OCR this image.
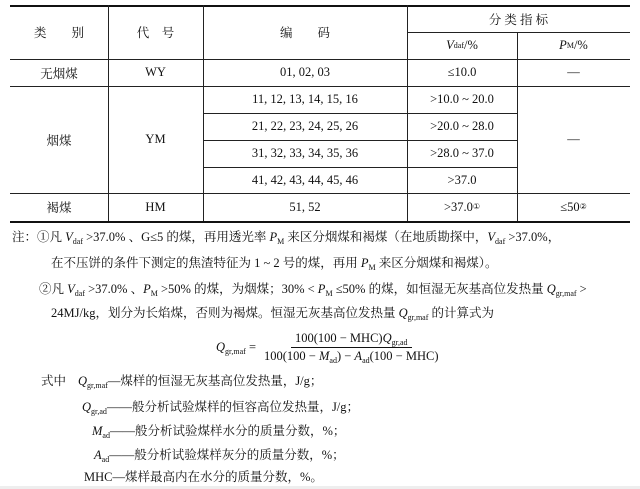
类　　别	代　号	编　　码
分 类 指 标
V daf /%	P M /%
无烟煤	WY	01, 02, 03	≤10.0	—
烟煤	YM
11, 12, 13, 14, 15, 16	>10.0 ~ 20.0
21, 22, 23, 24, 25, 26	>20.0 ~ 28.0
31, 32, 33, 34, 35, 36	>28.0 ~ 37.0
41, 42, 43, 44, 45, 46	>37.0
—
褐煤	HM	51, 52	>37.0 ①	≤50 ②
注：①凡 $V_{daf} >37.0\%$ 、G≤5 的煤，再用透光率 $P_M$ 来区分烟煤和褐煤（在地质勘探中，$V_{daf} >37.0\%$，
在不压饼的条件下测定的焦渣特征为 1 ~ 2 号的煤，再用 $P_M$ 来区分烟煤和褐煤）。
②凡 $V_{daf} >37.0\%$ 、$P_M >50\%$ 的煤，为烟煤；$30\% < P_M \le 50\%$ 的煤，如恒湿无灰基高位发热量 $Q_{gr,maf}$ >
24MJ/kg，划分为长焰煤，否则为褐煤。恒湿无灰基高位发热量 $Q_{gr,maf}$ 的计算式为
$Q_{gr,maf} = \frac{100(100 - MHC)Q_{gr,ad}}{100(100 - M_{ad}) - A_{ad}(100 - MHC)}$
式中 $Q_{gr,maf}—$煤样的恒湿无灰基高位发热量，J/g；
$Q_{gr,ad}——$般分析试验煤样的恒容高位发热量，J/g；
$M_{ad}——$般分析试验煤样水分的质量分数，%；
$A_{ad}——$般分析试验煤样灰分的质量分数，%；
MHC—煤样最高内在水分的质量分数，%。
